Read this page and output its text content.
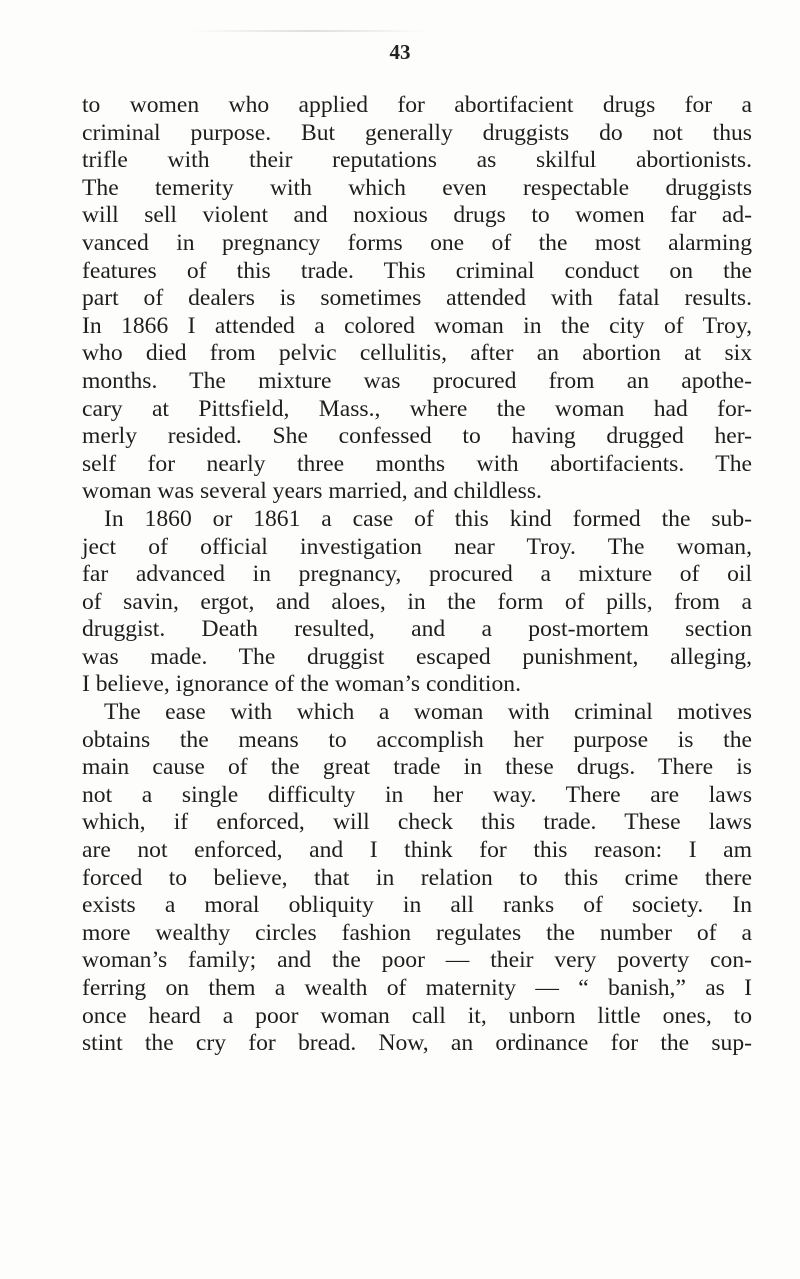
43
to women who applied for abortifacient drugs for a
criminal purpose. But generally druggists do not thus
trifle with their reputations as skilful abortionists.
The temerity with which even respectable druggists
will sell violent and noxious drugs to women far ad-
vanced in pregnancy forms one of the most alarming
features of this trade. This criminal conduct on the
part of dealers is sometimes attended with fatal results.
In 1866 I attended a colored woman in the city of Troy,
who died from pelvic cellulitis, after an abortion at six
months. The mixture was procured from an apothe-
cary at Pittsfield, Mass., where the woman had for-
merly resided. She confessed to having drugged her-
self for nearly three months with abortifacients. The
woman was several years married, and childless.
In 1860 or 1861 a case of this kind formed the sub-
ject of official investigation near Troy. The woman,
far advanced in pregnancy, procured a mixture of oil
of savin, ergot, and aloes, in the form of pills, from a
druggist. Death resulted, and a post-mortem section
was made. The druggist escaped punishment, alleging,
I believe, ignorance of the woman’s condition.
The ease with which a woman with criminal motives
obtains the means to accomplish her purpose is the
main cause of the great trade in these drugs. There is
not a single difficulty in her way. There are laws
which, if enforced, will check this trade. These laws
are not enforced, and I think for this reason: I am
forced to believe, that in relation to this crime there
exists a moral obliquity in all ranks of society. In
more wealthy circles fashion regulates the number of a
woman’s family; and the poor — their very poverty con-
ferring on them a wealth of maternity — “ banish,” as I
once heard a poor woman call it, unborn little ones, to
stint the cry for bread. Now, an ordinance for the sup-
